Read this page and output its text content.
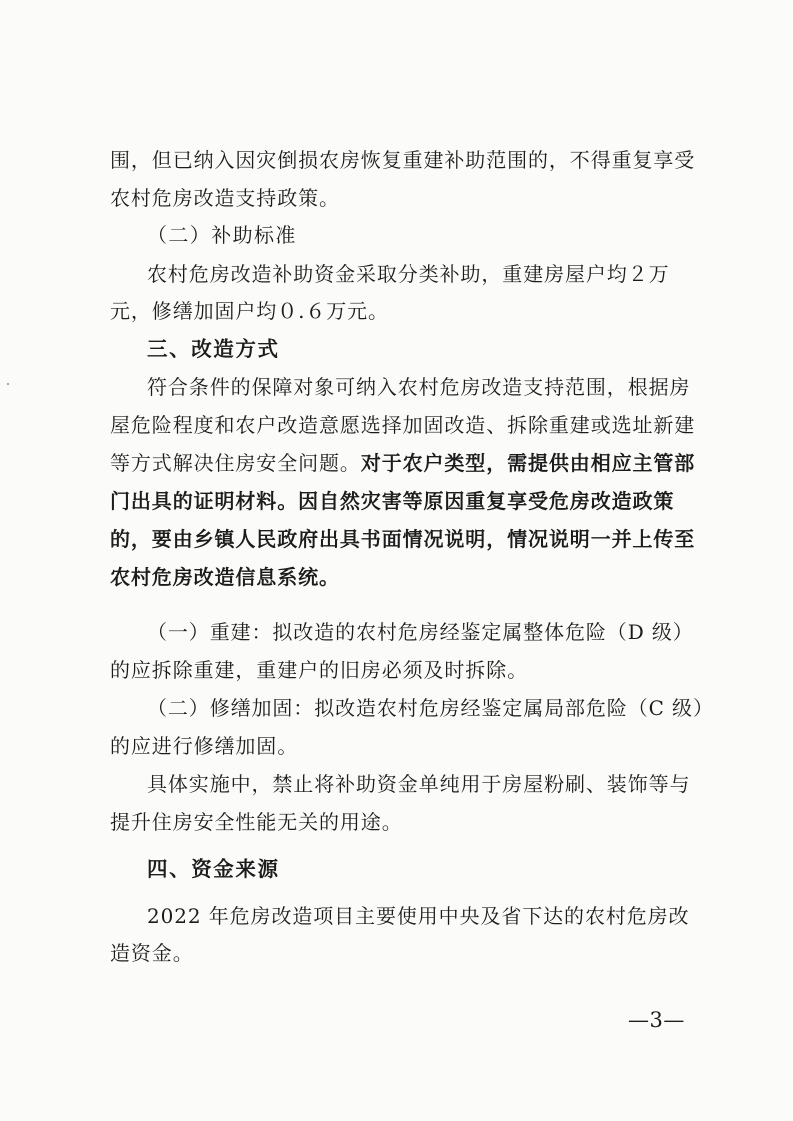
围，但已纳入因灾倒损农房恢复重建补助范围的，不得重复享受
农村危房改造支持政策。
（二）补助标准
农村危房改造补助资金采取分类补助，重建房屋户均２万
元，修缮加固户均０.６万元。
三、改造方式
符合条件的保障对象可纳入农村危房改造支持范围，根据房
屋危险程度和农户改造意愿选择加固改造、拆除重建或选址新建
等方式解决住房安全问题。对于农户类型，需提供由相应主管部
门出具的证明材料。因自然灾害等原因重复享受危房改造政策
的，要由乡镇人民政府出具书面情况说明，情况说明一并上传至
农村危房改造信息系统。
（一）重建：拟改造的农村危房经鉴定属整体危险（D 级）
的应拆除重建，重建户的旧房必须及时拆除。
（二）修缮加固：拟改造农村危房经鉴定属局部危险（C 级）
的应进行修缮加固。
具体实施中，禁止将补助资金单纯用于房屋粉刷、装饰等与
提升住房安全性能无关的用途。
四、资金来源
2022 年危房改造项目主要使用中央及省下达的农村危房改
造资金。
—3—
